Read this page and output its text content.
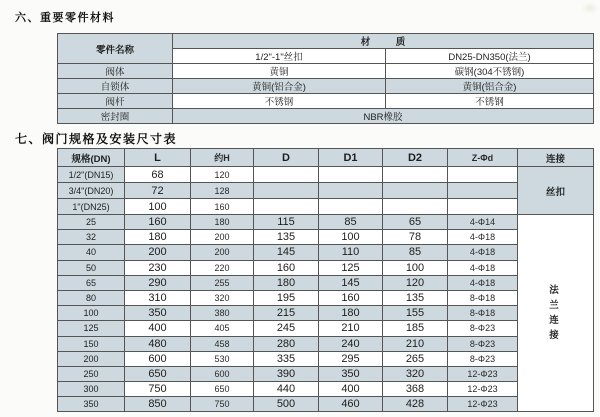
六、重要零件材料
零件名称	材　质	
	1/2"-1"丝扣	DN25-DN350(法兰)
阀体	黄铜	碳钢(304不锈钢)
自锁体	黄铜(铝合金)	黄铜(铝合金)
阀杆	不锈钢	不锈钢
密封圈	NBR橡胶	
七、阀门规格及安装尺寸表
规格(DN)	L	约H	D	D1	D2	Z-Φd	连接
1/2"(DN15)	68	120					丝扣
3/4"(DN20)	72	128					
1"(DN25)	100	160					
25	160	180	115	85	65	4-Φ14	法兰连接
32	180	200	135	100	78	4-Φ18	
40	200	200	145	110	85	4-Φ18	
50	230	220	160	125	100	4-Φ18	
65	290	255	180	145	120	4-Φ18	
80	310	320	195	160	135	8-Φ18	
100	350	380	215	180	155	8-Φ18	
125	400	405	245	210	185	8-Φ23	
150	480	458	280	240	210	8-Φ23	
200	600	530	335	295	265	8-Φ23	
250	650	600	390	350	320	12-Φ23	
300	750	650	440	400	368	12-Φ23	
350	850	750	500	460	428	12-Φ23	
